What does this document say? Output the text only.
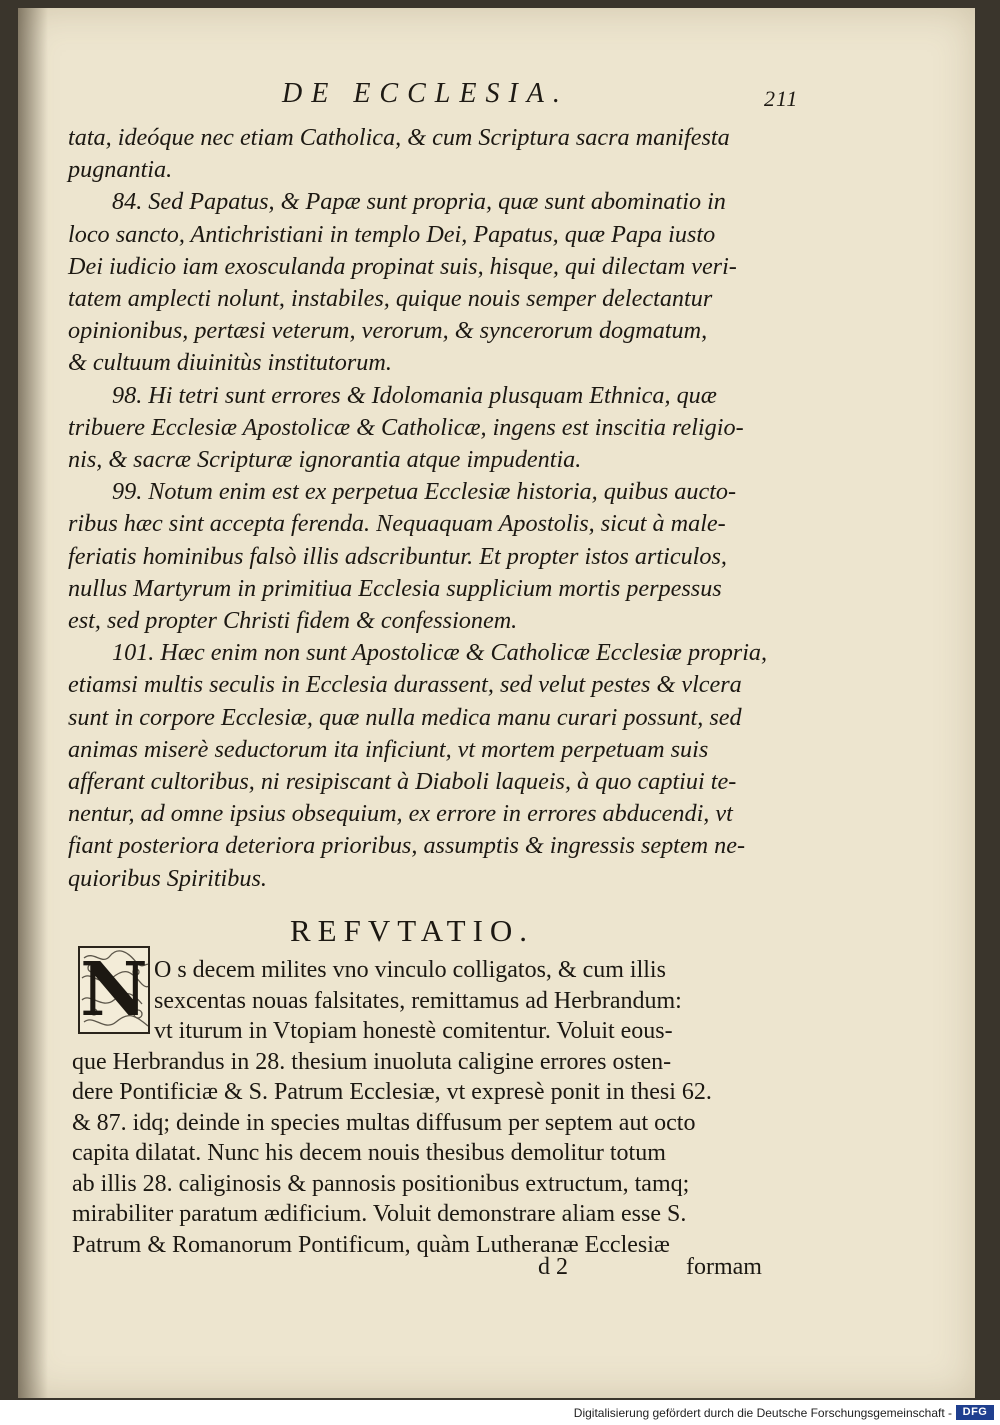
DE ECCLESIA.	211
tata, ideóque nec etiam Catholica, & cum Scriptura sacra manifesta
pugnantia.
84. Sed Papatus, & Papæ sunt propria, quæ sunt abominatio in
loco sancto, Antichristiani in templo Dei, Papatus, quæ Papa iusto
Dei iudicio iam exosculanda propinat suis, hisque, qui dilectam veri-
tatem amplecti nolunt, instabiles, quique nouis semper delectantur
opinionibus, pertæsi veterum, verorum, & syncerorum dogmatum,
& cultuum diuinitùs institutorum.
98. Hi tetri sunt errores & Idolomania plusquam Ethnica, quæ
tribuere Ecclesiæ Apostolicæ & Catholicæ, ingens est inscitia religio-
nis, & sacræ Scripturæ ignorantia atque impudentia.
99. Notum enim est ex perpetua Ecclesiæ historia, quibus aucto-
ribus hæc sint accepta ferenda. Nequaquam Apostolis, sicut à male-
feriatis hominibus falsò illis adscribuntur. Et propter istos articulos,
nullus Martyrum in primitiua Ecclesia supplicium mortis perpessus
est, sed propter Christi fidem & confessionem.
101. Hæc enim non sunt Apostolicæ & Catholicæ Ecclesiæ propria,
etiamsi multis seculis in Ecclesia durassent, sed velut pestes & vlcera
sunt in corpore Ecclesiæ, quæ nulla medica manu curari possunt, sed
animas miserè seductorum ita inficiunt, vt mortem perpetuam suis
afferant cultoribus, ni resipiscant à Diaboli laqueis, à quo captiui te-
nentur, ad omne ipsius obsequium, ex errore in errores abducendi, vt
fiant posteriora deteriora prioribus, assumptis & ingressis septem ne-
quioribus Spiritibus.
REFVTATIO.
N O s decem milites vno vinculo colligatos, & cum illis
sexcentas nouas falsitates, remittamus ad Herbrandum:
vt iturum in Vtopiam honestè comitentur. Voluit eous-
que Herbrandus in 28. thesium inuoluta caligine errores osten-
dere Pontificiæ & S. Patrum Ecclesiæ, vt expresè ponit in thesi 62.
& 87. idq; deinde in species multas diffusum per septem aut octo
capita dilatat. Nunc his decem nouis thesibus demolitur totum
ab illis 28. caliginosis & pannosis positionibus extructum, tamq;
mirabiliter paratum ædificium. Voluit demonstrare aliam esse S.
Patrum & Romanorum Pontificum, quàm Lutheranæ Ecclesiæ
d 2	formam
Digitalisierung gefördert durch die Deutsche Forschungsgemeinschaft - DFG
